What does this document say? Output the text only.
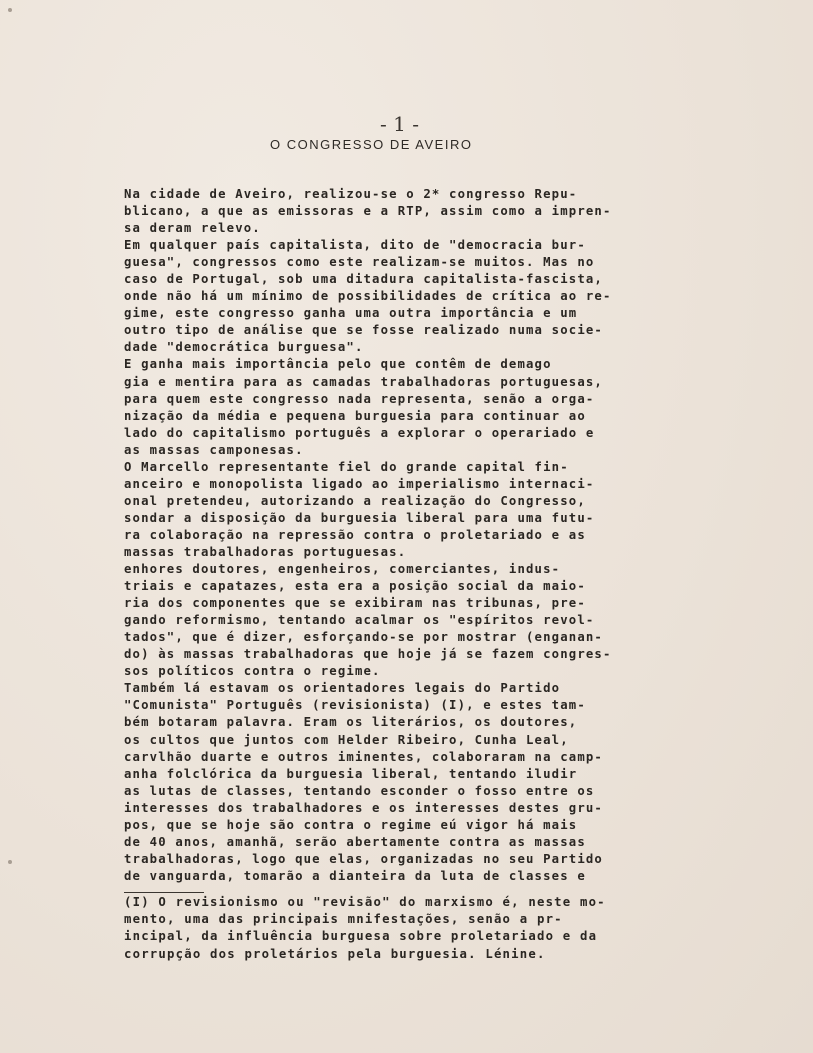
- 1 -
O CONGRESSO DE AVEIRO
Na cidade de Aveiro, realizou-se o 2* congresso Repu-
blicano, a que as emissoras e a RTP, assim como a impren-
sa deram relevo.
Em qualquer país capitalista, dito de "democracia bur-
guesa", congressos como este realizam-se muitos. Mas no
caso de Portugal, sob uma ditadura capitalista-fascista,
onde não há um mínimo de possibilidades de crítica ao re-
gime, este congresso ganha uma outra importância e um
outro tipo de análise que se fosse realizado numa socie-
dade "democrática burguesa".
E ganha mais importância pelo que contêm de demago
gia e mentira para as camadas trabalhadoras portuguesas,
para quem este congresso nada representa, senão a orga-
nização da média e pequena burguesia para continuar ao
lado do capitalismo português a explorar o operariado e
as massas camponesas.
O Marcello representante fiel do grande capital fin-
anceiro e monopolista ligado ao imperialismo internaci-
onal pretendeu, autorizando a realização do Congresso,
sondar a disposição da burguesia liberal para uma futu-
ra colaboração na repressão contra o proletariado e as
massas trabalhadoras portuguesas.
enhores doutores, engenheiros, comerciantes, indus-
triais e capatazes, esta era a posição social da maio-
ria dos componentes que se exibiram nas tribunas, pre-
gando reformismo, tentando acalmar os "espíritos revol-
tados", que é dizer, esforçando-se por mostrar (enganan-
do) às massas trabalhadoras que hoje já se fazem congres-
sos políticos contra o regime.
Também lá estavam os orientadores legais do Partido
"Comunista" Português (revisionista) (I), e estes tam-
bém botaram palavra. Eram os literários, os doutores,
os cultos que juntos com Helder Ribeiro, Cunha Leal,
carvlhão duarte e outros iminentes, colaboraram na camp-
anha folclórica da burguesia liberal, tentando iludir
as lutas de classes, tentando esconder o fosso entre os
interesses dos trabalhadores e os interesses destes gru-
pos, que se hoje são contra o regime eú vigor há mais
de 40 anos, amanhã, serão abertamente contra as massas
trabalhadoras, logo que elas, organizadas no seu Partido
de vanguarda, tomarão a dianteira da luta de classes e
(I) O revisionismo ou "revisão" do marxismo é, neste mo-
mento, uma das principais mnifestações, senão a pr-
incipal, da influência burguesa sobre proletariado e da
corrupção dos proletários pela burguesia. Lénine.
